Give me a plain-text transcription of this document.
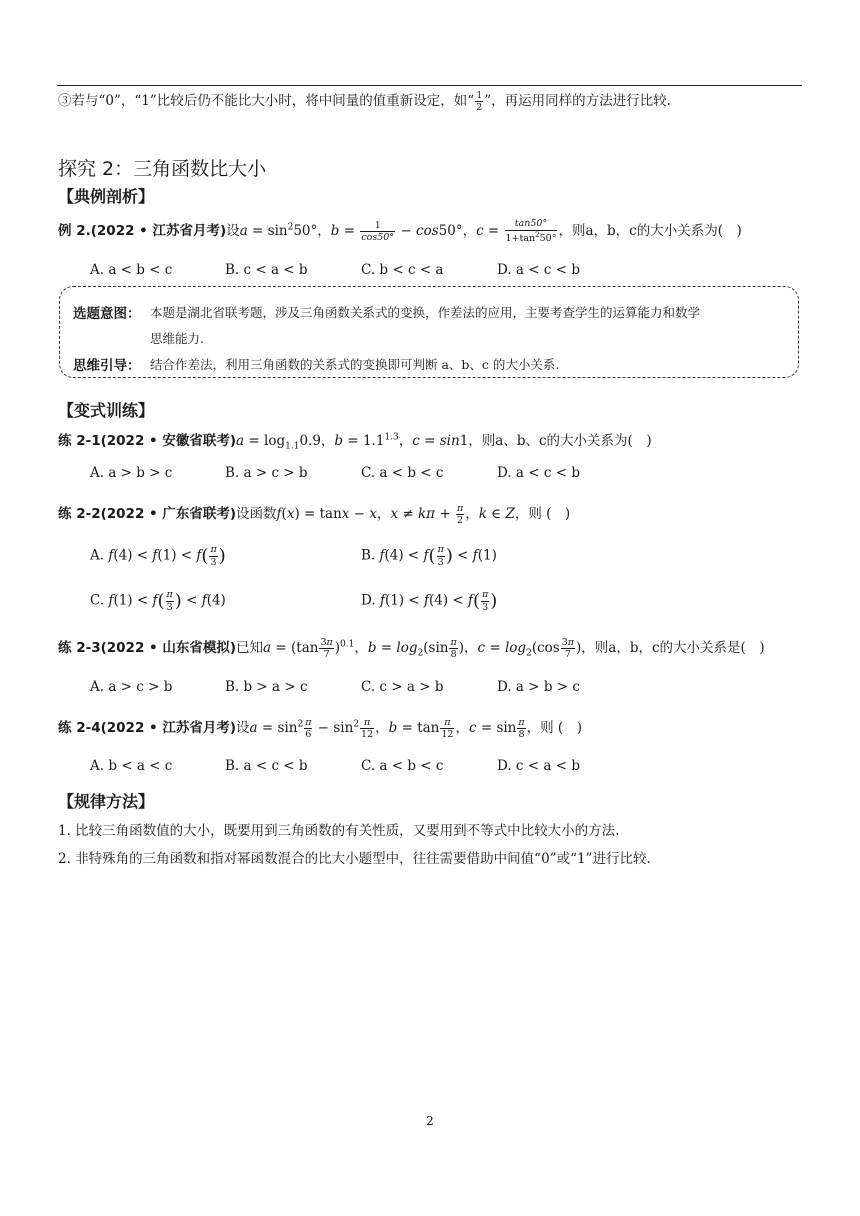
③若与“0”，“1”比较后仍不能比大小时，将中间量的值重新设定，如“ $\frac{1}{2}$ ”，再运用同样的方法进行比较.
探究 2：三角函数比大小
【典例剖析】
例 2.(2022 • 江苏省月考)设$a = \sin^250^\circ$，$b = \frac{1}{\cos 50^\circ} - \cos 50^\circ$，$c = \frac{\tan 50^\circ}{1+\tan^250^\circ}$ ，则a，b，c的大小关系为(　)
A. a < b < c	B. c < a < b	C. b < c < a	D. a < c < b
选题意图： 本题是湖北省联考题，涉及三角函数关系式的变换，作差法的应用，主要考查学生的运算能力和数学
思维能力.
思维引导： 结合作差法，利用三角函数的关系式的变换即可判断 a、b、c 的大小关系.
【变式训练】
练 2-1(2022 • 安徽省联考)$a = \log_{1.1}0.9$，$b = 1.1^{1.3}$，c = sin1，则a、b、c的大小关系为(　)
A. a > b > c	B. a > c > b	C. a < b < c	D. a < c < b
练 2-2(2022 • 广东省联考)设函数f(x) = tanx − x，$x \ne k\pi + \frac{\pi}{2}$ ，k ∈ Z，则 (　)
A. $f(4) < f(1) < f( \frac{\pi}{3}$ )	B. $f(4) < f( \frac{\pi}{3}$ ) < f(1)
C. $f(1) < f( \frac{\pi}{3}$ ) < f(4)	D. $f(1) < f(4) < f( \frac{\pi}{3}$ )
练 2-3(2022 • 山东省模拟)已知$a = (\tan \frac{3\pi}{7} )^{0.1}$，$b = \log_2(\sin \frac{\pi}{8}$ )，$c = \log_2(\cos \frac{3\pi}{7}$ )，则a，b，c的大小关系是(　)
A. a > c > b	B. b > a > c	C. c > a > b	D. a > b > c
练 2-4(2022 • 江苏省月考)设$a = \sin^2 \frac{\pi}{6} - \sin^2 \frac{\pi}{12}$ ，$b = \tan \frac{\pi}{12}$ ，$c = \sin \frac{\pi}{8}$ ，则 (　)
A. b < a < c	B. a < c < b	C. a < b < c	D. c < a < b
【规律方法】
1. 比较三角函数值的大小，既要用到三角函数的有关性质，又要用到不等式中比较大小的方法.
2. 非特殊角的三角函数和指对幂函数混合的比大小题型中，往往需要借助中间值“0”或“1”进行比较.
2
